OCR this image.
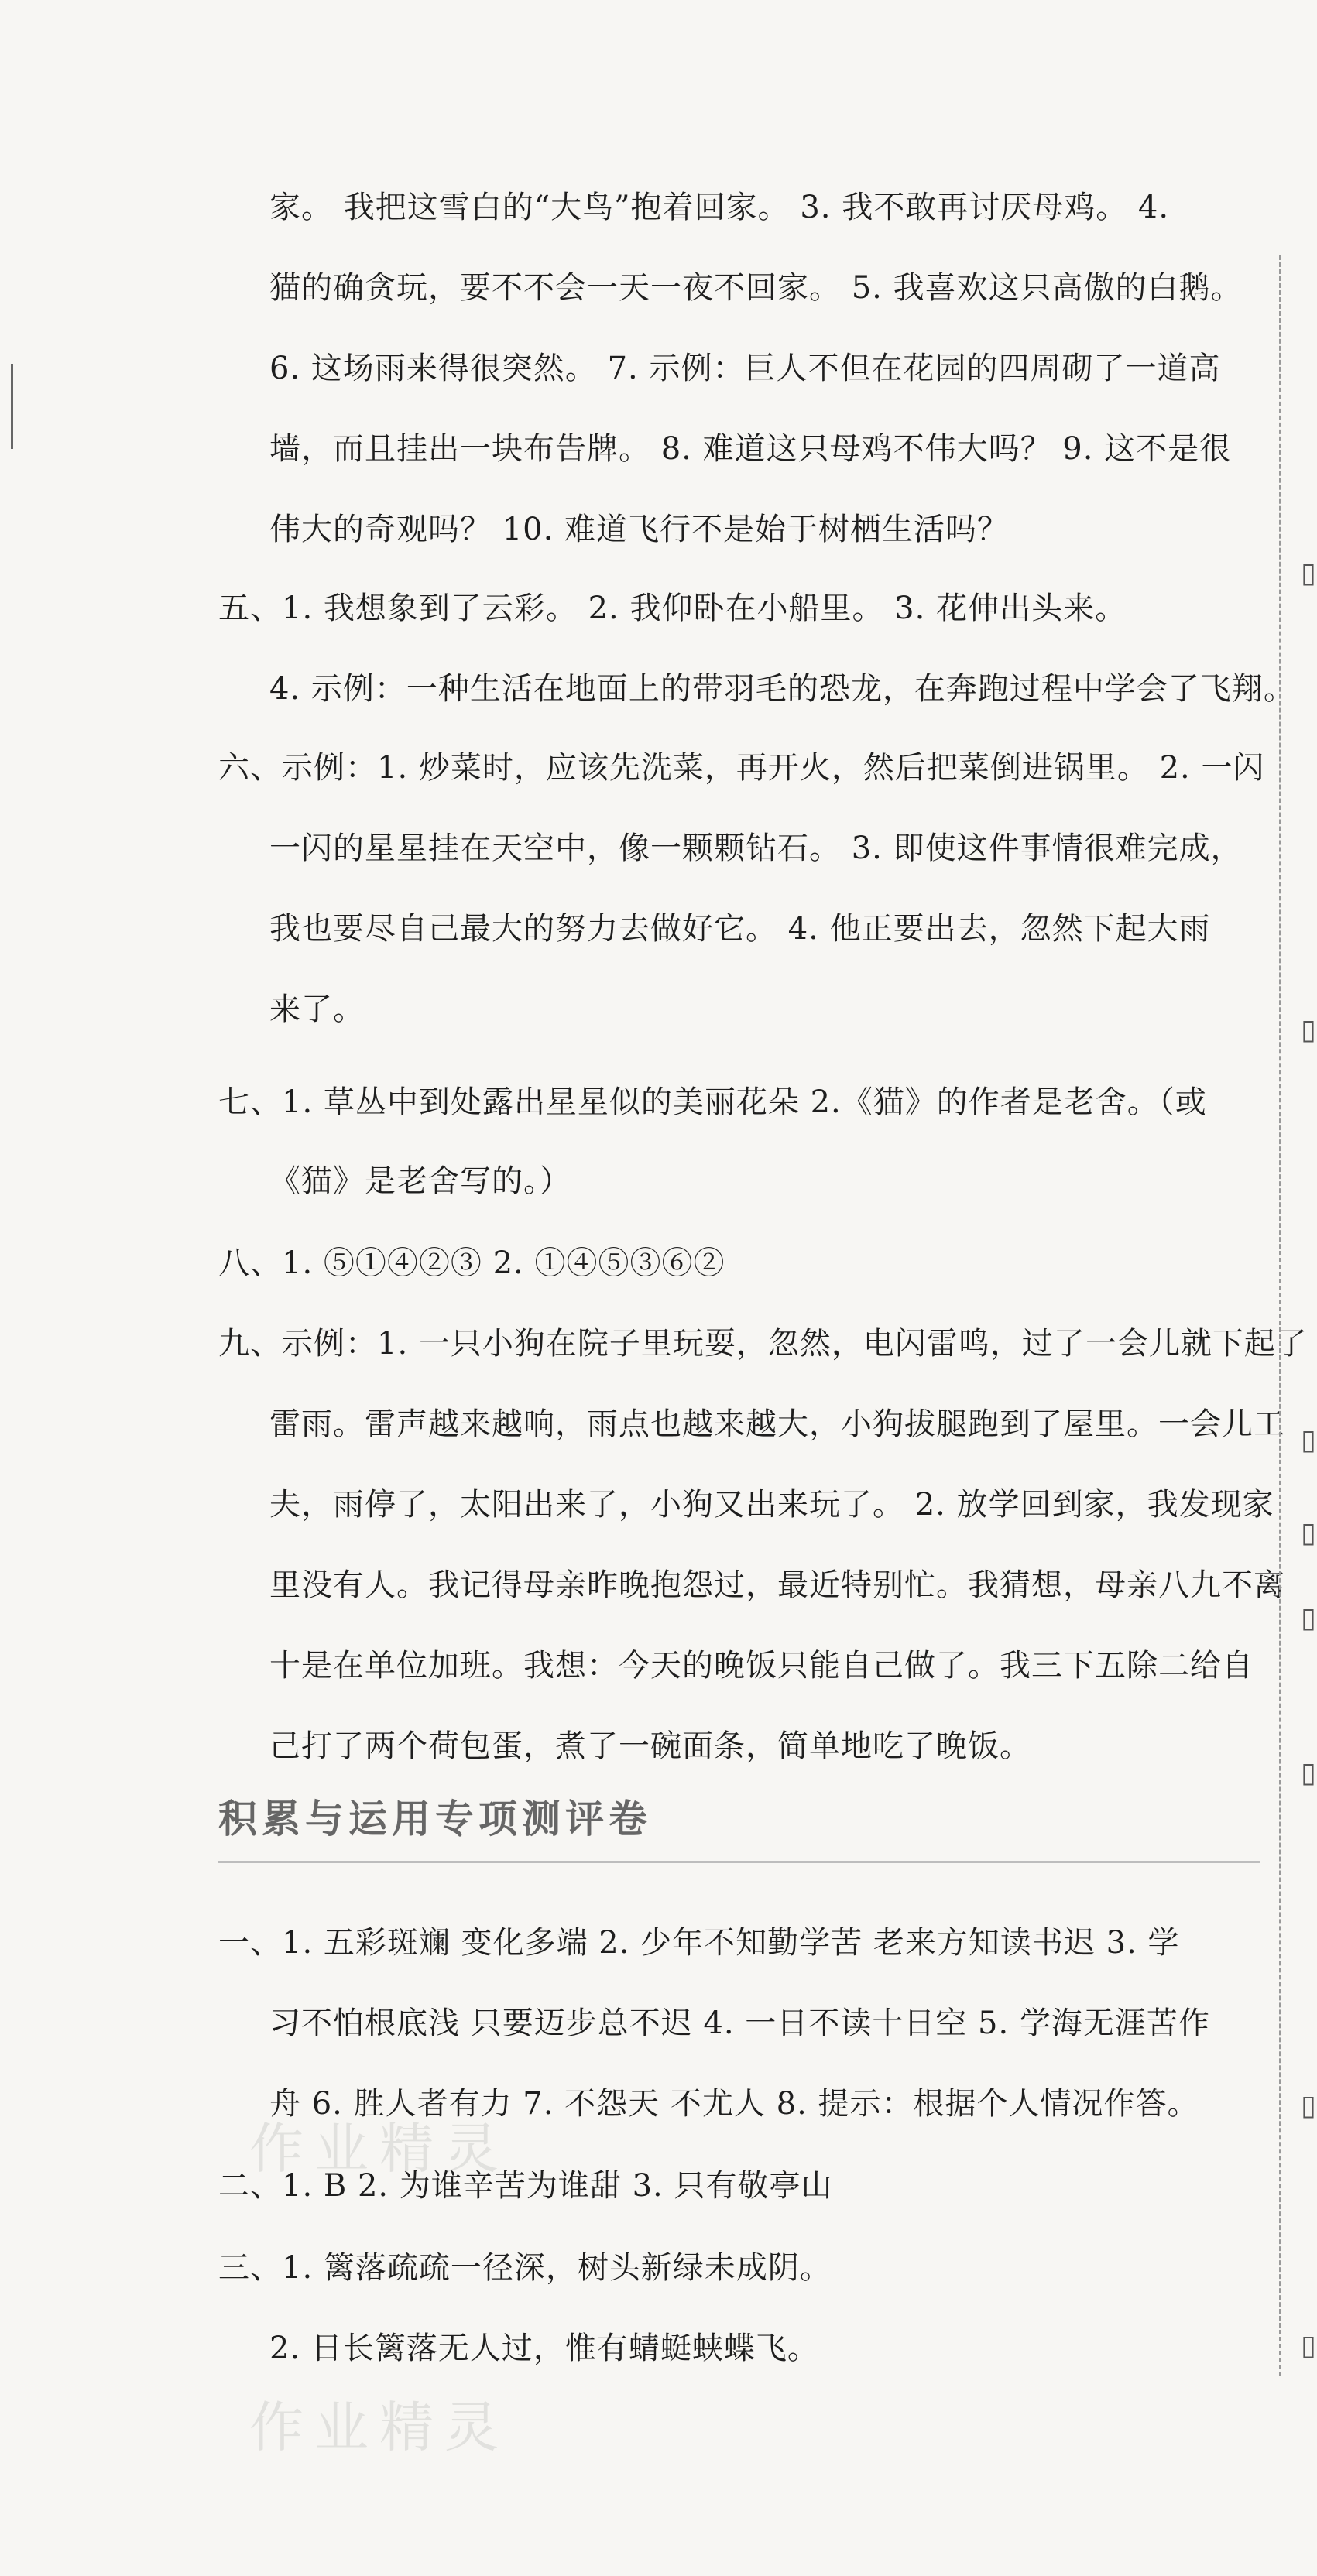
家。 我把这雪白的“大鸟”抱着回家。 3. 我不敢再讨厌母鸡。 4.
猫的确贪玩，要不不会一天一夜不回家。 5. 我喜欢这只高傲的白鹅。
6. 这场雨来得很突然。 7. 示例：巨人不但在花园的四周砌了一道高
墙，而且挂出一块布告牌。 8. 难道这只母鸡不伟大吗？ 9. 这不是很
伟大的奇观吗？ 10. 难道飞行不是始于树栖生活吗？
五、1. 我想象到了云彩。 2. 我仰卧在小船里。 3. 花伸出头来。
4. 示例：一种生活在地面上的带羽毛的恐龙，在奔跑过程中学会了飞翔。
六、示例：1. 炒菜时，应该先洗菜，再开火，然后把菜倒进锅里。 2. 一闪
一闪的星星挂在天空中，像一颗颗钻石。 3. 即使这件事情很难完成，
我也要尽自己最大的努力去做好它。 4. 他正要出去，忽然下起大雨
来了。
七、1. 草丛中到处露出星星似的美丽花朵 2.《猫》的作者是老舍。（或
《猫》是老舍写的。）
八、1. ⑤①④②③ 2. ①④⑤③⑥②
九、示例：1. 一只小狗在院子里玩耍，忽然，电闪雷鸣，过了一会儿就下起了
雷雨。雷声越来越响，雨点也越来越大，小狗拔腿跑到了屋里。一会儿工
夫，雨停了，太阳出来了，小狗又出来玩了。 2. 放学回到家，我发现家
里没有人。我记得母亲昨晚抱怨过，最近特别忙。我猜想，母亲八九不离
十是在单位加班。我想：今天的晚饭只能自己做了。我三下五除二给自
己打了两个荷包蛋，煮了一碗面条，简单地吃了晚饭。
积累与运用专项测评卷
一、1. 五彩斑斓 变化多端 2. 少年不知勤学苦 老来方知读书迟 3. 学
习不怕根底浅 只要迈步总不迟 4. 一日不读十日空 5. 学海无涯苦作
舟 6. 胜人者有力 7. 不怨天 不尤人 8. 提示：根据个人情况作答。
二、1. B 2. 为谁辛苦为谁甜 3. 只有敬亭山
三、1. 篱落疏疏一径深，树头新绿未成阴。
2. 日长篱落无人过，惟有蜻蜓蛱蝶飞。
作业精灵
作业精灵
▯
▯
▯
▯
▯
▯
▯
▯
